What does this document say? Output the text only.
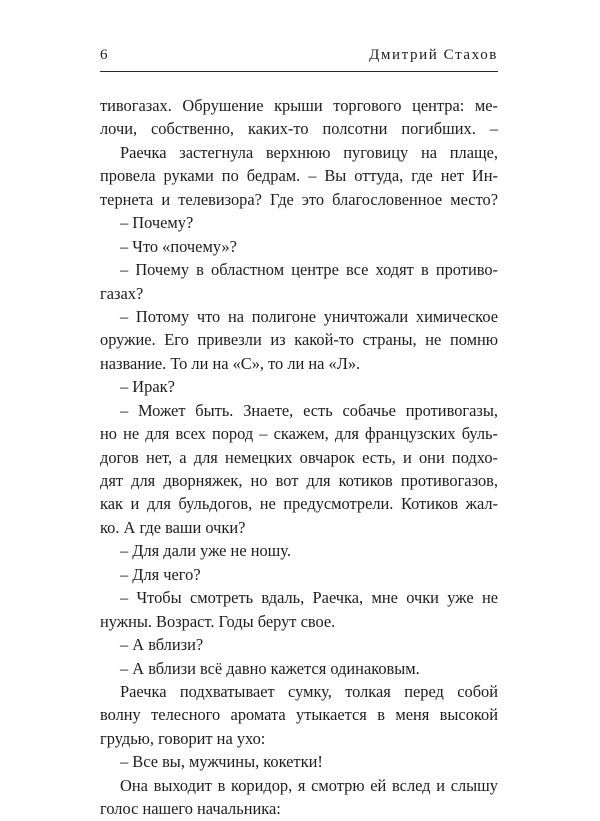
6	Дмитрий Стахов
тивогазах. Обрушение крыши торгового центра: ме-
лочи, собственно, каких-то полсотни погибших. –
Раечка застегнула верхнюю пуговицу на плаще,
провела руками по бедрам. – Вы оттуда, где нет Ин-
тернета и телевизора? Где это благословенное место?
– Почему?
– Что «почему»?
– Почему в областном центре все ходят в противо-
газах?
– Потому что на полигоне уничтожали химическое
оружие. Его привезли из какой-то страны, не помню
название. То ли на «С», то ли на «Л».
– Ирак?
– Может быть. Знаете, есть собачье противогазы,
но не для всех пород – скажем, для французских буль-
догов нет, а для немецких овчарок есть, и они подхо-
дят для дворняжек, но вот для котиков противогазов,
как и для бульдогов, не предусмотрели. Котиков жал-
ко. А где ваши очки?
– Для дали уже не ношу.
– Для чего?
– Чтобы смотреть вдаль, Раечка, мне очки уже не
нужны. Возраст. Годы берут свое.
– А вблизи?
– А вблизи всё давно кажется одинаковым.
Раечка подхватывает сумку, толкая перед собой
волну телесного аромата утыкается в меня высокой
грудью, говорит на ухо:
– Все вы, мужчины, кокетки!
Она выходит в коридор, я смотрю ей вслед и слышу
голос нашего начальника:
